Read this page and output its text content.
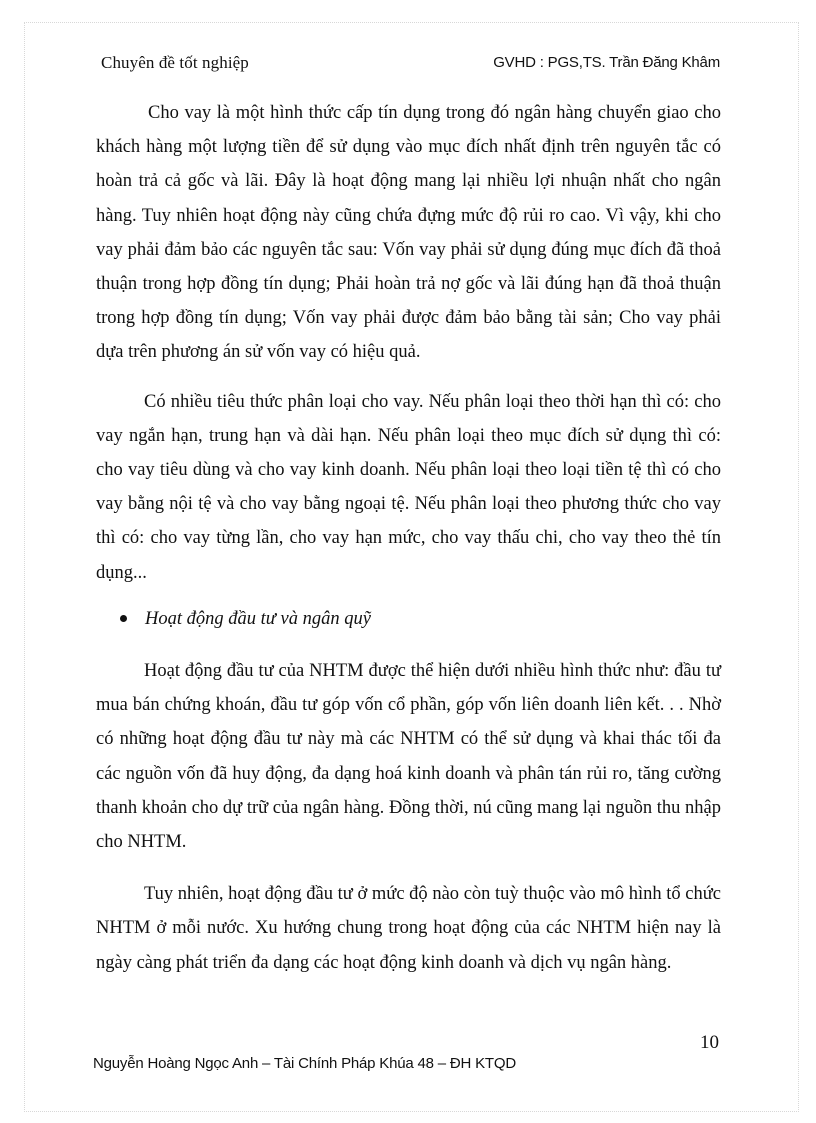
Chuyên đề tốt nghiệp	GVHD : PGS,TS. Trần Đăng Khâm

Cho vay là một hình thức cấp tín dụng trong đó ngân hàng chuyển giao cho khách hàng một lượng tiền để sử dụng vào mục đích nhất định trên nguyên tắc có hoàn trả cả gốc và lãi. Đây là hoạt động mang lại nhiều lợi nhuận nhất cho ngân hàng. Tuy nhiên hoạt động này cũng chứa đựng mức độ rủi ro cao. Vì vậy, khi cho vay phải đảm bảo các nguyên tắc sau: Vốn vay phải sử dụng đúng mục đích đã thoả thuận trong hợp đồng tín dụng; Phải hoàn trả nợ gốc và lãi đúng hạn đã thoả thuận trong hợp đồng tín dụng; Vốn vay phải được đảm bảo bằng tài sản; Cho vay phải dựa trên phương án sử vốn vay có hiệu quả.

Có nhiều tiêu thức phân loại cho vay. Nếu phân loại theo thời hạn thì có: cho vay ngắn hạn, trung hạn và dài hạn. Nếu phân loại theo mục đích sử dụng thì có: cho vay tiêu dùng và cho vay kinh doanh. Nếu phân loại theo loại tiền tệ thì có cho vay bằng nội tệ và cho vay bằng ngoại tệ. Nếu phân loại theo phương thức cho vay thì có: cho vay từng lần, cho vay hạn mức, cho vay thấu chi, cho vay theo thẻ tín dụng...

Hoạt động đầu tư và ngân quỹ

Hoạt động đầu tư của NHTM được thể hiện dưới nhiều hình thức như: đầu tư mua bán chứng khoán, đầu tư góp vốn cổ phần, góp vốn liên doanh liên kết. . . Nhờ có những hoạt động đầu tư này mà các NHTM có thể sử dụng và khai thác tối đa các nguồn vốn đã huy động, đa dạng hoá kinh doanh và phân tán rủi ro, tăng cường thanh khoản cho dự trữ của ngân hàng. Đồng thời, nú cũng mang lại nguồn thu nhập cho NHTM.

Tuy nhiên, hoạt động đầu tư ở mức độ nào còn tuỳ thuộc vào mô hình tổ chức NHTM ở mỗi nước. Xu hướng chung trong hoạt động của các NHTM hiện nay là ngày càng phát triển đa dạng các hoạt động kinh doanh và dịch vụ ngân hàng.

10
Nguyễn Hoàng Ngọc Anh – Tài Chính Pháp Khúa 48 – ĐH KTQD
